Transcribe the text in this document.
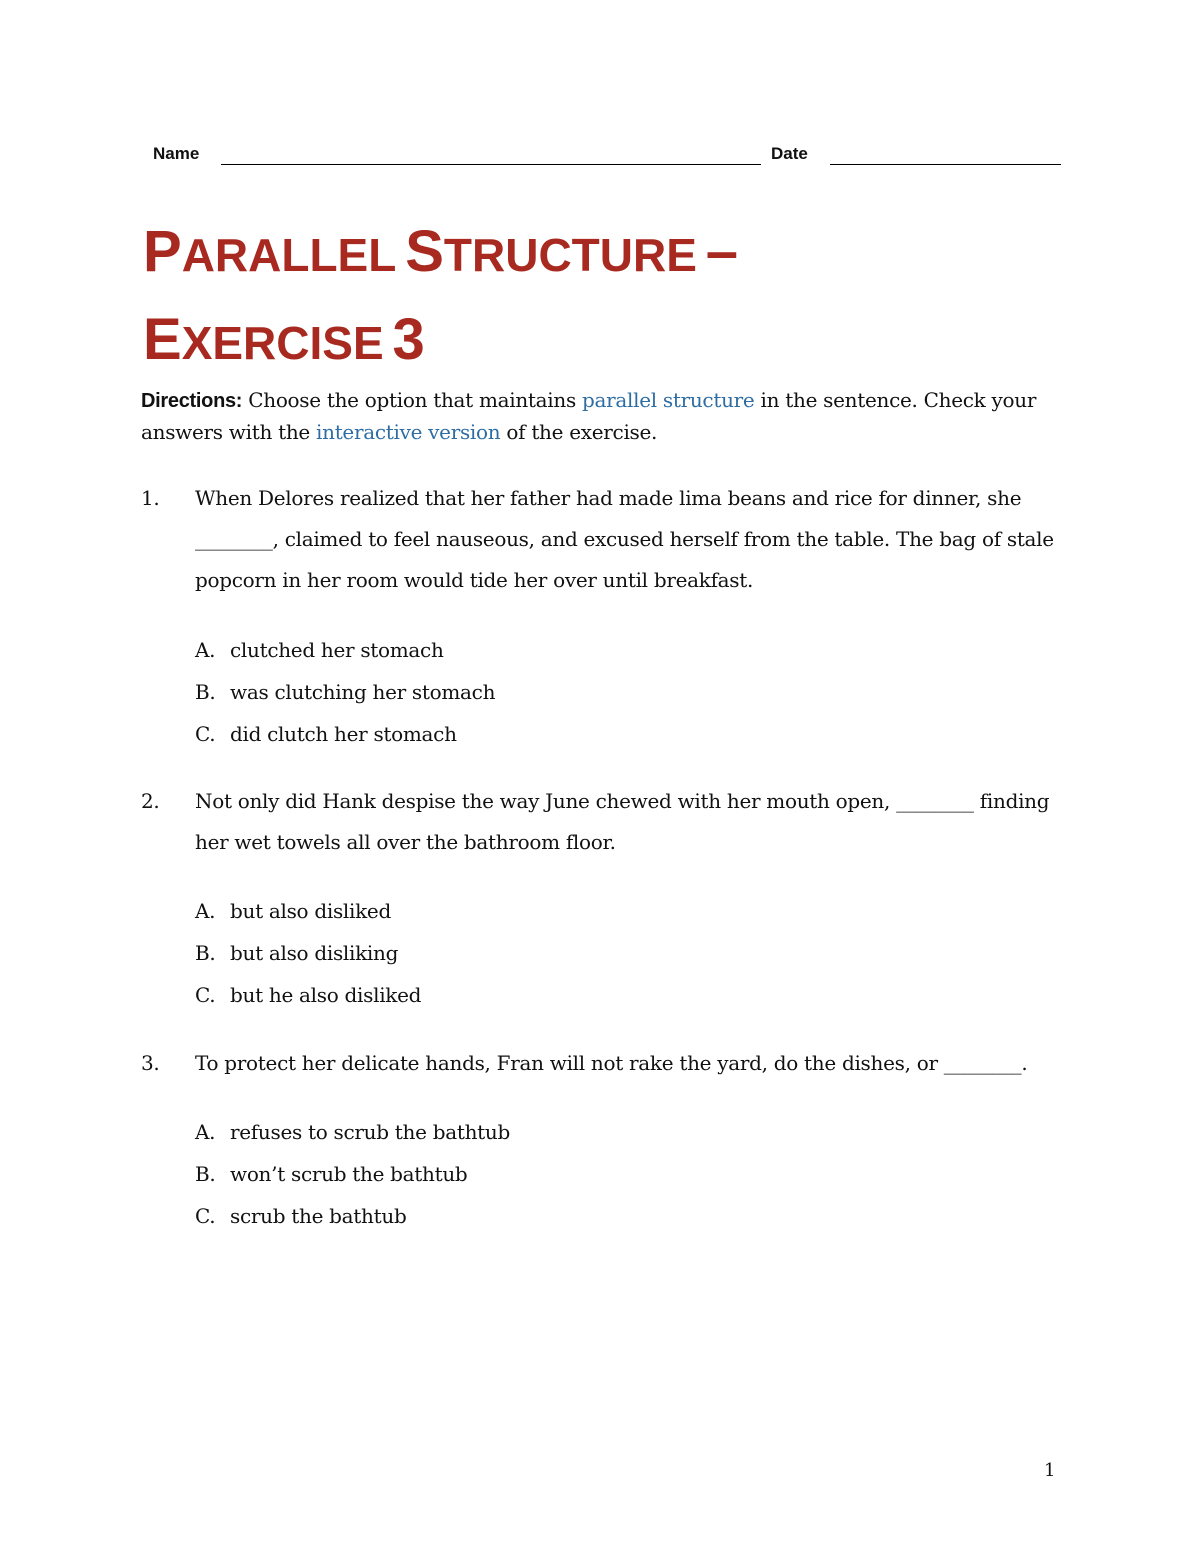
Name	Date
PARALLEL STRUCTURE –
EXERCISE 3
Directions: Choose the option that maintains parallel structure in the sentence. Check your answers with the interactive version of the exercise.
1.	When Delores realized that her father had made lima beans and rice for dinner, she ________, claimed to feel nauseous, and excused herself from the table. The bag of stale popcorn in her room would tide her over until breakfast.
A. clutched her stomach
B. was clutching her stomach
C. did clutch her stomach
2.	Not only did Hank despise the way June chewed with her mouth open, ________ finding her wet towels all over the bathroom floor.
A. but also disliked
B. but also disliking
C. but he also disliked
3.	To protect her delicate hands, Fran will not rake the yard, do the dishes, or ________.
A. refuses to scrub the bathtub
B. won’t scrub the bathtub
C. scrub the bathtub
1
